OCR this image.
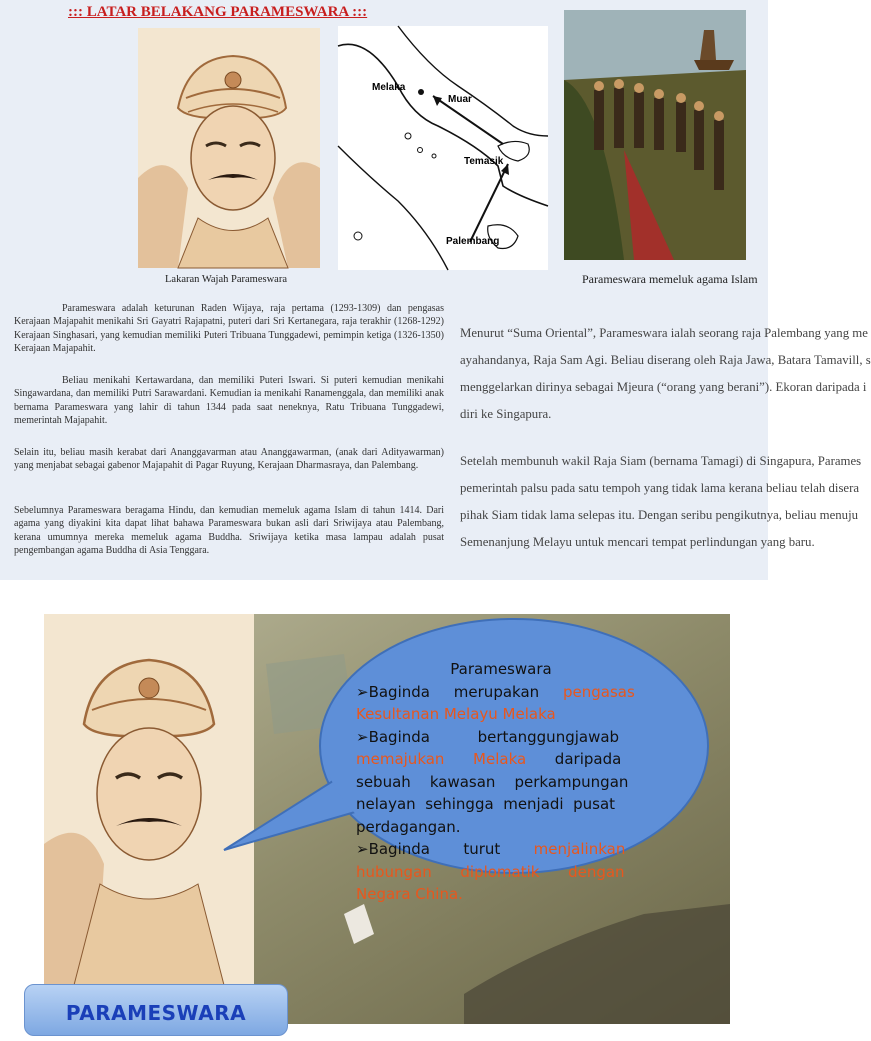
::: LATAR BELAKANG PARAMESWARA :::
Lakaran Wajah Parameswara
Melaka
Muar
Temasik
Palembang
Parameswara memeluk agama Islam
Parameswara adalah keturunan Raden Wijaya, raja pertama (1293-1309) dan pengasas Kerajaan Majapahit menikahi Sri Gayatri Rajapatni, puteri dari Sri Kertanegara, raja terakhir (1268-1292) Kerajaan Singhasari, yang kemudian memiliki Puteri Tribuana Tunggadewi, pemimpin ketiga (1326-1350) Kerajaan Majapahit.
Beliau menikahi Kertawardana, dan memiliki Puteri Iswari. Si puteri kemudian menikahi Singawardana, dan memiliki Putri Sarawardani. Kemudian ia menikahi Ranamenggala, dan memiliki anak bernama Parameswara yang lahir di tahun 1344 pada saat neneknya, Ratu Tribuana Tunggadewi, memerintah Majapahit.
Selain itu, beliau masih kerabat dari Ananggavarman atau Ananggawarman, (anak dari Adityawarman) yang menjabat sebagai gabenor Majapahit di Pagar Ruyung, Kerajaan Dharmasraya, dan Palembang.
Sebelumnya Parameswara beragama Hindu, dan kemudian memeluk agama Islam di tahun 1414. Dari agama yang diyakini kita dapat lihat bahawa Parameswara bukan asli dari Sriwijaya atau Palembang, kerana umumnya mereka memeluk agama Buddha. Sriwijaya ketika masa lampau adalah pusat pengembangan agama Buddha di Asia Tenggara.
Menurut “Suma Oriental”, Parameswara ialah seorang raja Palembang yang me
ayahandanya, Raja Sam Agi. Beliau diserang oleh Raja Jawa, Batara Tamavill, s
menggelarkan dirinya sebagai Mjeura (“orang yang berani”). Ekoran daripada i
diri ke Singapura.
Setelah membunuh wakil Raja Siam (bernama Tamagi) di Singapura, Parames
pemerintah palsu pada satu tempoh yang tidak lama kerana beliau telah disera
pihak Siam tidak lama selepas itu. Dengan seribu pengikutnya, beliau menuju
Semenanjung Melayu untuk mencari tempat perlindungan yang baru.
Parameswara
➢Baginda     merupakan     pengasas
Kesultanan Melayu Melaka
➢Baginda          bertanggungjawab
memajukan      Melaka      daripada
sebuah    kawasan    perkampungan
nelayan  sehingga  menjadi  pusat
perdagangan.
➢Baginda       turut       menjalinkan
hubungan      diplomatik      dengan
Negara China.
PARAMESWARA
